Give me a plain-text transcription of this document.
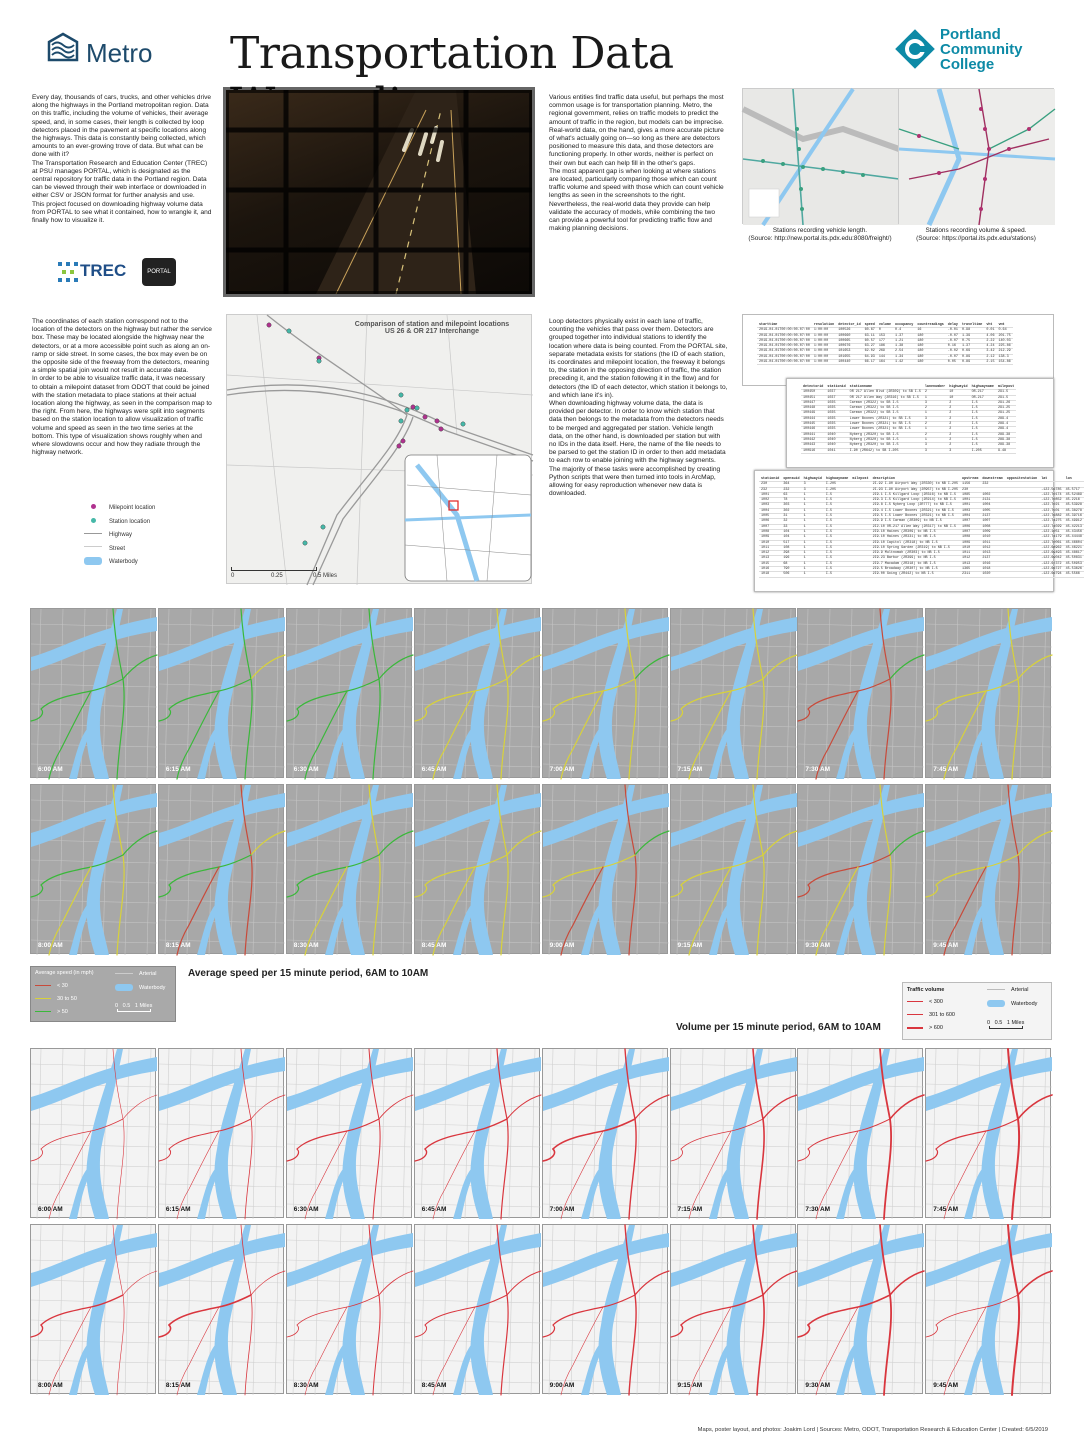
Metro Transportation Data	Portland
Community
College

Every day, thousands of cars, trucks, and other vehicles drive along the highways in the Portland metropolitan region. Data on this traffic, including the volume of vehicles, their average speed, and, in some cases, their length is collected by loop detectors placed in the pavement at specific locations along the highways. This data is constantly being collected, which amounts to an ever-growing trove of data. But what can be done with it?

The Transportation Research and Education Center (TREC) at PSU manages PORTAL, which is designated as the central repository for traffic data in the Portland region. Data can be viewed through their web interface or downloaded in either CSV or JSON format for further analysis and use.

This project focused on downloading highway volume data from PORTAL to see what it contained, how to wrangle it, and finally how to visualize it.

TREC	PORTAL

Various entities find traffic data useful, but perhaps the most common usage is for transportation planning. Metro, the regional government, relies on traffic models to predict the amount of traffic in the region, but models can be imprecise. Real-world data, on the hand, gives a more accurate picture of what's actually going on—so long as there are detectors positioned to measure this data, and those detectors are functioning properly. In other words, neither is perfect on their own but each can help fill in the other's gaps.

The most apparent gap is when looking at where stations are located, particularly comparing those which can count traffic volume and speed with those which can count vehicle lengths as seen in the screenshots to the right. Nevertheless, the real-world data they provide can help validate the accuracy of models, while combining the two can provide a powerful tool for predicting traffic flow and making planning decisions.	Stations recording vehicle length.
(Source: http://new.portal.its.pdx.edu:8080/freight/)
Stations recording volume & speed.
(Source: https://portal.its.pdx.edu/stations)

The coordinates of each station correspond not to the location of the detectors on the highway but rather the service box. These may be located alongside the highway near the detectors, or at a more accessible point such as along an on-ramp or side street. In some cases, the box may even be on the opposite side of the freeway from the detectors, meaning a simple spatial join would not result in accurate data.

In order to be able to visualize traffic data, it was necessary to obtain a milepoint dataset from ODOT that could be joined with the station metadata to place stations at their actual location along the highway, as seen in the comparison map to the right. From here, the highways were split into segments based on the station location to allow visualization of traffic volume and speed as seen in the two time series at the bottom. This type of visualization shows roughly when and where slowdowns occur and how they radiate through the highway network.

Comparison of station and milepoint locations
US 26 & OR 217 Interchange
0	0.25	0.5 Miles
Milepoint location
Station location
Highway
Street
Waterbody

Loop detectors physically exist in each lane of traffic, counting the vehicles that pass over them. Detectors are grouped together into individual stations to identify the location where data is being counted. From the PORTAL site, separate metadata exists for stations (the ID of each station, its coordinates and milepoint location, the freeway it belongs to, the station in the opposing direction of traffic, the station preceding it, and the station following it in the flow) and for detectors (the ID of each detector, which station it belongs to, and which lane it's in).

When downloading highway volume data, the data is provided per detector. In order to know which station that data then belongs to the metadata from the detectors needs to be merged and aggregated per station. Vehicle length data, on the other hand, is downloaded per station but with no IDs in the data itself. Here, the name of the file needs to be parsed to get the station ID in order to then add metadata to each row to enable joining with the highway segments.

The majority of these tasks were accomplished by creating Python scripts that were then turned into tools in ArcMap, allowing for easy reproduction whenever new data is downloaded.

starttime	resolution	detector_id	speed	volume	occupancy	countreadings	delay	traveltime	vht	vmt
2019-04-01T00:00:00-07:00	1:00:00	100526	60.67	0	0.4	16	-0.01	0.98	0.01	0.64
2019-04-01T00:00:00-07:00	1:00:00	100660	63.11	153	1.37	180	-0.07	1.39	4.06	201.75
2019-04-01T00:00:00-07:00	1:00:00	100665	60.57	177	1.21	180	-0.07	0.75	2.22	140.03
2019-04-01T00:00:00-07:00	1:00:00	100676	63.27	186	1.38	180	0.16	1.37	4.24	225.86
2019-04-01T00:00:00-07:00	1:00:00	101653	62.02	269	2.54	180	-0.02	0.69	3.42	212.29
2019-04-01T00:00:00-07:00	1:00:00	101655	64.93	144	1.34	180	-0.07	0.89	2.12	138.3
2019-04-01T00:00:00-07:00	1:00:00	100440	66.17	164	1.42	180	0.05	0.89	2.15	154.86
detectorid	stationid	stationname	lanenumber	highwayid	highwayname	milepost
100450	1037	OR 217 Allen Blvd (2R309) to SB I-5	2	10	OR-217	291.5
100451	1037	OR 217 Allen Way (2R316) to SB I-5	1	10	OR-217	291.5
100447	1035	Carman (2R322) to SB I-5	3	2	I-5	291.26
100448	1035	Carman (2R322) to SB I-5	2	2	I-5	291.25
100449	1035	Carman (2R322) to SB I-5	1	2	I-5	291.25
100444	1035	Lower Boones (2R321) to SB I-5	3	2	I-5	289.4
100445	1035	Lower Boones (2R321) to SB I-5	2	2	I-5	289.4
100446	1035	Lower Boones (2R321) to SB I-5	1	2	I-5	289.4
100441	1040	Nyberg (2R320) to SB I-5	2	2	I-5	289.38
100442	1040	Nyberg (2R320) to SB I-5	1	2	I-5	289.38
100443	1040	Nyberg (2R320) to SB I-5	3	2	I-5	289.38
100916	1041	I-90 (2R642) to SB I-205	3	3	I-205	9.48
stationid	opensuid	highwayid	highwayname	milepost	description	upstream	downstream	oppositestation	lat	lon
230	364	3	I-205		2I-92 I-90 Airport Way (2R330) to NB I-205	1156	232			
232	232	3	I-205		2I-93 I-90 Airport Way (2R957) to NB I-205	230			-122.56785	45.5717
1001	63	1	I-5		2I9.1 I-5 Killgard Loop (2R316) to NB I-5	1085	1002		-122.70174	45.52489
1002	78	1	I-5		2I9.3 I-5 Killgard Loop (2R214) to NB I-5	1001	2131		-122.70852	45.2216
1003	303	1	I-5		2I9.8 I-5 Nyberg Loop (2R777) to NB I-5	1001	1004		-122.7021	45.53928
1004	302	1	I-5		2I9.4 I-5 Lower Boones (2R321) to NB I-5	1003	1005		-122.7501	45.38278
1005	31	1	I-5		2I9.5 I-5 Lower Boones (2R321) to NB I-5	1004	2137		-122.76882	45.39716
1006	32	1	I-5		2I9.9 I-5 Carman (2R309) to NB I-5	1007	1007		-122.74275	45.49912
1007	33	1	I-5		2I2.10 OR-217 Allen Way (2R317) to NB I-5	1006	1008		-122.74029	45.42213
1008	104	1	I-5		2I9.10 Haines (2R309) to NB I-5	1007	1009		-122.1051	45.43456
1009	104	1	I-5		2I9.10 Haines (2R331) to NB I-5	1008	1010		-122.74179	45.44448
1010	517	1	I-5		2I9.10 Capitol (2R318) to NB I-5	1009	1011		-122.70061	45.46604
1011	108	1	I-5		2I9.10 Spring Garden (2R319) to NB I-5	1010	1012		-122.68962	45.46221
1012	298	1	I-5		2I9.9 Multnomah (2R303) to NB I-5	1011	1013		-122.69493	45.48617
1013	196	1	I-5		2I9.23 Barbur (2R399) to NB I-5	1012	2137		-122.69042	45.50831
1015	68	1	I-5		2I9.7 Macadam (2R318) to NB I-5	1013	1016		-122.67372	45.50953
1016	790	1	I-5		2I9.5 Broadway (2R307) to NB I-5	1365	1018		-122.66727	45.53626
1018	506	1	I-5		2I9.00 Going (2R442) to NB I-5	2311	1020		-122.66794	45.5566
6:00 AM	6:15 AM	6:30 AM	6:45 AM	7:00 AM	7:15 AM	7:30 AM	7:45 AM
8:00 AM	8:15 AM	8:30 AM	8:45 AM	9:00 AM	9:15 AM	9:30 AM	9:45 AM
Average speed (in mph)
< 30
30 to 50
> 50
Arterial
Waterbody
0 0.5 1 Miles
Average speed per 15 minute period, 6AM to 10AM
Traffic volume
< 300
301 to 600
> 600
Arterial
Waterbody
0 0.5 1 Miles
Volume per 15 minute period, 6AM to 10AM
6:00 AM	6:15 AM	6:30 AM	6:45 AM	7:00 AM	7:15 AM	7:30 AM	7:45 AM
8:00 AM	8:15 AM	8:30 AM	8:45 AM	9:00 AM	9:15 AM	9:30 AM	9:45 AM
Maps, poster layout, and photos: Joakim Lord | Sources: Metro, ODOT, Transportation Research & Education Center | Created: 6/5/2019
